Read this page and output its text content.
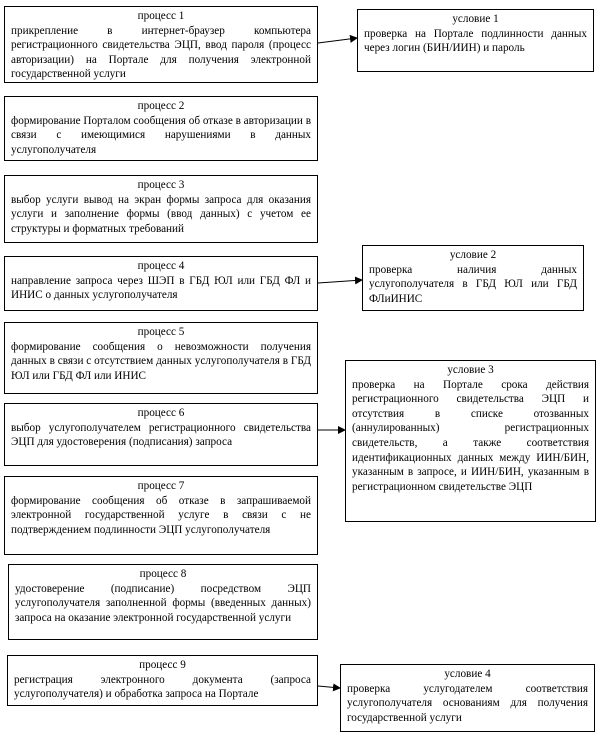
процесс 1
прикрепление в интернет-браузер компьютера регистрационного свидетельства ЭЦП, ввод пароля (процесс авторизации) на Портале для получения электронной государственной услуги
процесс 2
формирование Порталом сообщения об отказе в авторизации в связи с имеющимися нарушениями в данных услугополучателя
процесс 3
выбор услуги вывод на экран формы запроса для оказания услуги и заполнение формы (ввод данных) с учетом ее структуры и форматных требований
процесс 4
направление запроса через ШЭП в ГБД ЮЛ или ГБД ФЛ и ИНИС о данных услугополучателя
процесс 5
формирование сообщения о невозможности получения данных в связи с отсутствием данных услугополучателя в ГБД ЮЛ или ГБД ФЛ или ИНИС
процесс 6
выбор услугополучателем регистрационного свидетельства ЭЦП для удостоверения (подписания) запроса
процесс 7
формирование сообщения об отказе в запрашиваемой электронной государственной услуге в связи с не подтверждением подлинности ЭЦП услугополучателя
процесс 8
удостоверение (подписание) посредством ЭЦП услугополучателя заполненной формы (введенных данных) запроса на оказание электронной государственной услуги
процесс 9
регистрация электронного документа (запроса услугополучателя) и обработка запроса на Портале
условие 1
проверка на Портале подлинности данных через логин (БИН/ИИН) и пароль
условие 2
проверка наличия данных услугополучателя в ГБД ЮЛ или ГБД ФЛиИНИС
условие 3
проверка на Портале срока действия регистрационного свидетельства ЭЦП и отсутствия в списке отозванных (аннулированных) регистрационных свидетельств, а также соответствия идентификационных данных между ИИН/БИН, указанным в запросе, и ИИН/БИН, указанным в регистрационном свидетельстве ЭЦП
условие 4
проверка услугодателем соответствия услугополучателя основаниям для получения государственной услуги
